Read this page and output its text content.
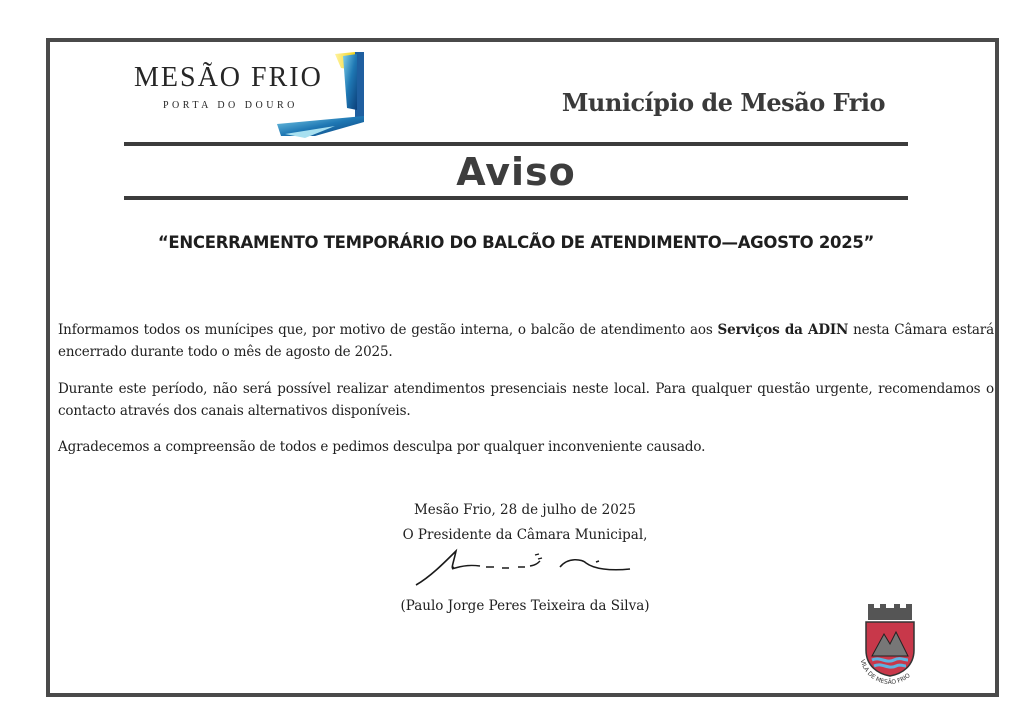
MESÃO FRIO
PORTA DO DOURO	Município de Mesão Frio
Aviso
“ENCERRAMENTO TEMPORÁRIO DO BALCÃO DE ATENDIMENTO—AGOSTO 2025”
Informamos todos os munícipes que, por motivo de gestão interna, o balcão de atendimento aos Serviços da ADIN nesta Câmara estará encerrado durante todo o mês de agosto de 2025.
Durante este período, não será possível realizar atendimentos presenciais neste local. Para qualquer questão urgente, recomendamos o contacto através dos canais alternativos disponíveis.
Agradecemos a compreensão de todos e pedimos desculpa por qualquer inconveniente causado.
Mesão Frio, 28 de julho de 2025
O Presidente da Câmara Municipal,
(Paulo Jorge Peres Teixeira da Silva)
VILA DE MESÃO FRIO
